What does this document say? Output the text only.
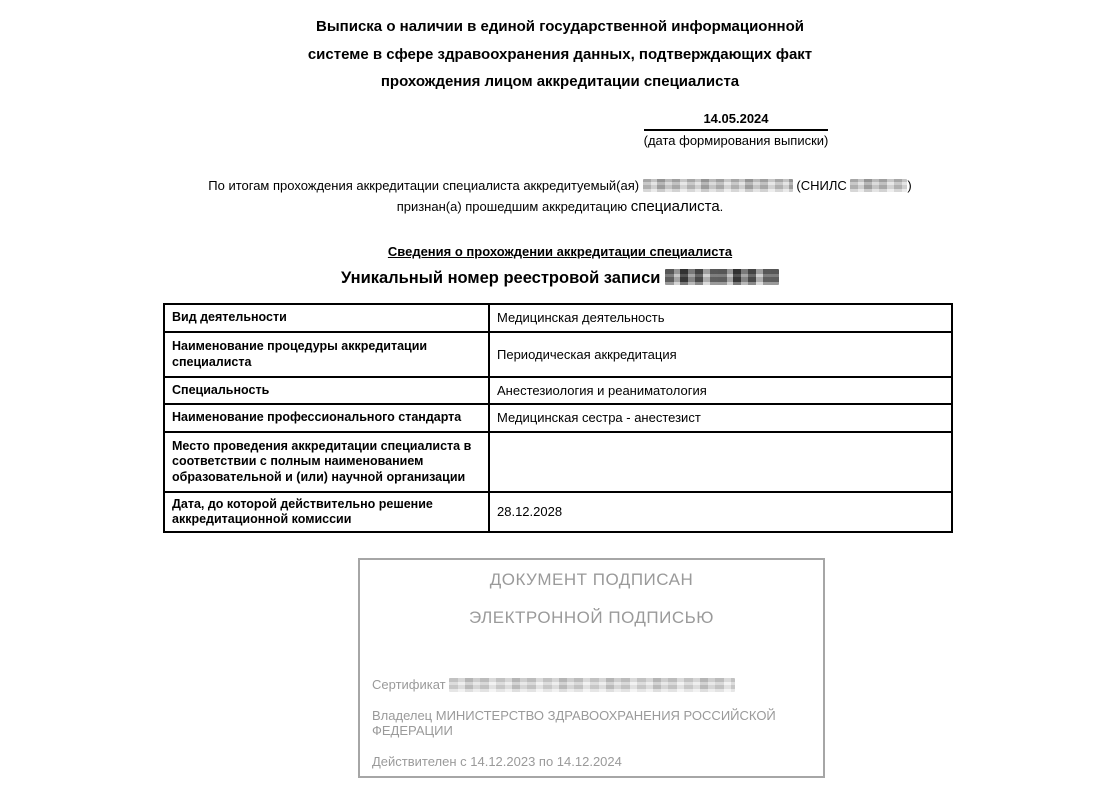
Выписка о наличии в единой государственной информационной
системе в сфере здравоохранения данных, подтверждающих факт
прохождения лицом аккредитации специалиста
14.05.2024
(дата формирования выписки)
По итогам прохождения аккредитации специалиста аккредитуемый(ая)	(СНИЛС	)
признан(а) прошедшим аккредитацию специалиста.
Сведения о прохождении аккредитации специалиста
Уникальный номер реестровой записи
Вид деятельности	Медицинская деятельность
Наименование процедуры аккредитации специалиста	Периодическая аккредитация
Специальность	Анестезиология и реаниматология
Наименование профессионального стандарта	Медицинская сестра - анестезист
Место проведения аккредитации специалиста в соответствии с полным наименованием образовательной и (или) научной организации	
Дата, до которой действительно решение аккредитационной комиссии	28.12.2028
ДОКУМЕНТ ПОДПИСАН
ЭЛЕКТРОННОЙ ПОДПИСЬЮ
Сертификат
Владелец МИНИСТЕРСТВО ЗДРАВООХРАНЕНИЯ РОССИЙСКОЙ ФЕДЕРАЦИИ
Действителен с 14.12.2023 по 14.12.2024
